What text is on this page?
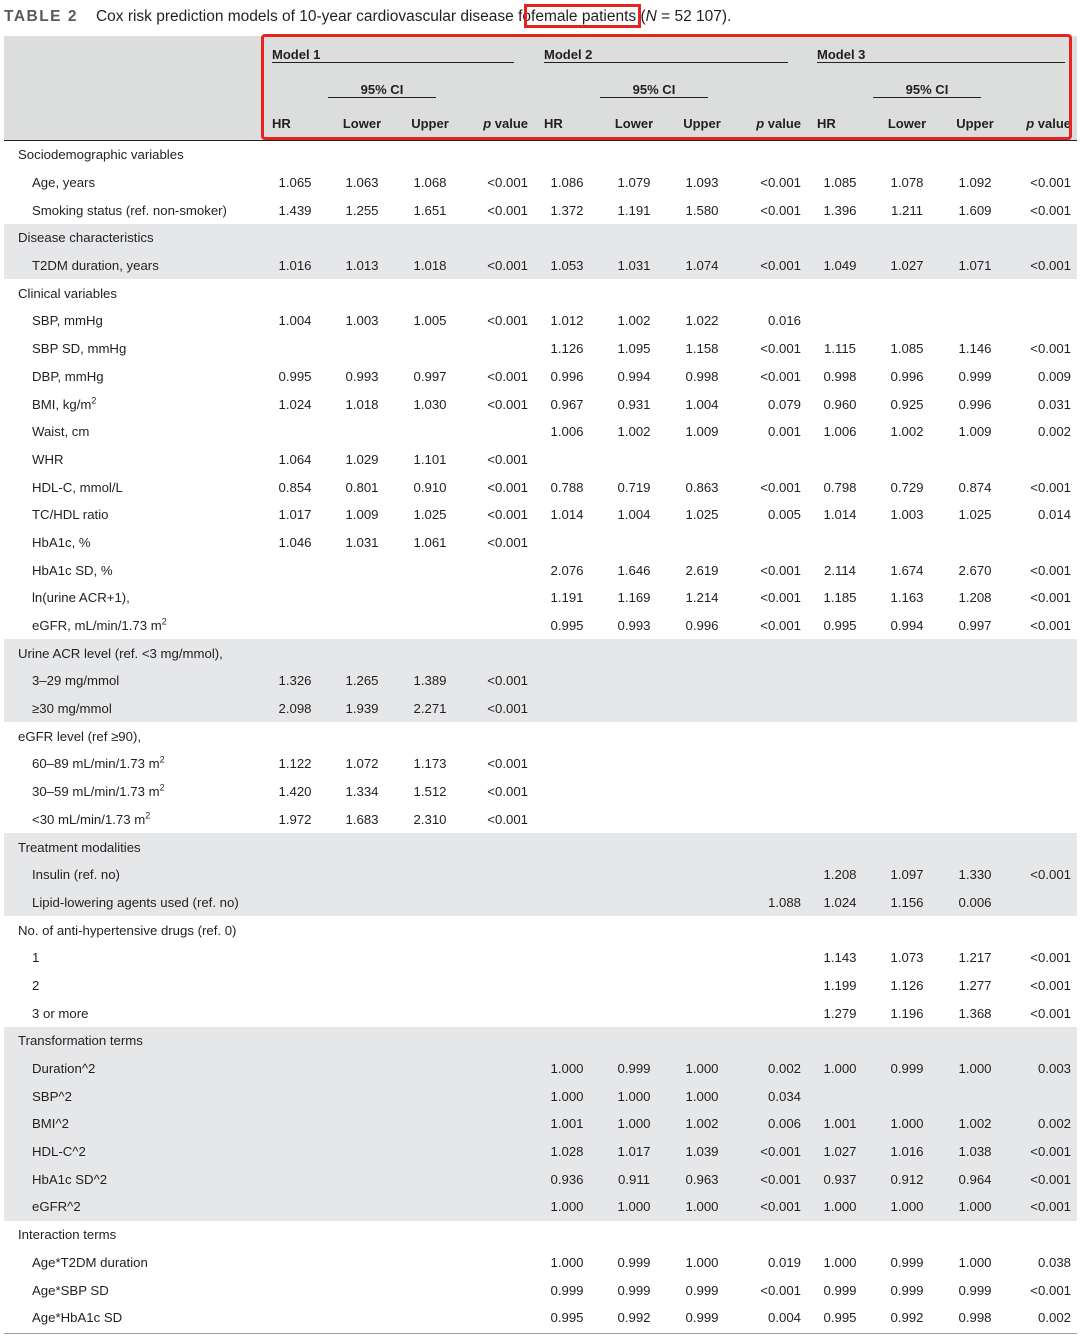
TABLE 2 Cox risk prediction models of 10-year cardiovascular disease fofemale patients
(N = 52 107).

	Model 1				Model 2				Model 3			

		95% CI				95% CI				95% CI		

	HR	Lower	Upper	p value	HR	Lower	Upper	p value	HR	Lower	Upper	p value
Sociodemographic variables												
Age, years	1.065	1.063	1.068	<0.001	1.086	1.079	1.093	<0.001	1.085	1.078	1.092	<0.001
Smoking status (ref. non-smoker)	1.439	1.255	1.651	<0.001	1.372	1.191	1.580	<0.001	1.396	1.211	1.609	<0.001
Disease characteristics												
T2DM duration, years	1.016	1.013	1.018	<0.001	1.053	1.031	1.074	<0.001	1.049	1.027	1.071	<0.001
Clinical variables												
SBP, mmHg	1.004	1.003	1.005	<0.001	1.012	1.002	1.022	0.016				
SBP SD, mmHg					1.126	1.095	1.158	<0.001	1.115	1.085	1.146	<0.001
DBP, mmHg	0.995	0.993	0.997	<0.001	0.996	0.994	0.998	<0.001	0.998	0.996	0.999	0.009
BMI, $kg/m^2$	1.024	1.018	1.030	<0.001	0.967	0.931	1.004	0.079	0.960	0.925	0.996	0.031
Waist, cm					1.006	1.002	1.009	0.001	1.006	1.002	1.009	0.002
WHR	1.064	1.029	1.101	<0.001								
HDL-C, mmol/L	0.854	0.801	0.910	<0.001	0.788	0.719	0.863	<0.001	0.798	0.729	0.874	<0.001
TC/HDL ratio	1.017	1.009	1.025	<0.001	1.014	1.004	1.025	0.005	1.014	1.003	1.025	0.014
HbA1c, %	1.046	1.031	1.061	<0.001								
HbA1c SD, %					2.076	1.646	2.619	<0.001	2.114	1.674	2.670	<0.001
ln(urine ACR+1),					1.191	1.169	1.214	<0.001	1.185	1.163	1.208	<0.001
eGFR, mL/min/1.73 $m^2$					0.995	0.993	0.996	<0.001	0.995	0.994	0.997	<0.001
Urine ACR level (ref. <3 mg/mmol),												
3–29 mg/mmol	1.326	1.265	1.389	<0.001								
≥30 mg/mmol	2.098	1.939	2.271	<0.001								
eGFR level (ref ≥90),												
60–89 mL/min/1.73 $m^2$	1.122	1.072	1.173	<0.001								
30–59 mL/min/1.73 $m^2$	1.420	1.334	1.512	<0.001								
<30 mL/min/1.73 $m^2$	1.972	1.683	2.310	<0.001								
Treatment modalities												
Insulin (ref. no)									1.208	1.097	1.330	<0.001
Lipid-lowering agents used (ref. no)								1.088	1.024	1.156	0.006	
No. of anti-hypertensive drugs (ref. 0)												
1									1.143	1.073	1.217	<0.001
2									1.199	1.126	1.277	<0.001
3 or more									1.279	1.196	1.368	<0.001
Transformation terms												
Duration^2					1.000	0.999	1.000	0.002	1.000	0.999	1.000	0.003
SBP^2					1.000	1.000	1.000	0.034				
BMI^2					1.001	1.000	1.002	0.006	1.001	1.000	1.002	0.002
HDL-C^2					1.028	1.017	1.039	<0.001	1.027	1.016	1.038	<0.001
HbA1c SD^2					0.936	0.911	0.963	<0.001	0.937	0.912	0.964	<0.001
eGFR^2					1.000	1.000	1.000	<0.001	1.000	1.000	1.000	<0.001
Interaction terms												
Age*T2DM duration					1.000	0.999	1.000	0.019	1.000	0.999	1.000	0.038
Age*SBP SD					0.999	0.999	0.999	<0.001	0.999	0.999	0.999	<0.001
Age*HbA1c SD					0.995	0.992	0.999	0.004	0.995	0.992	0.998	0.002
